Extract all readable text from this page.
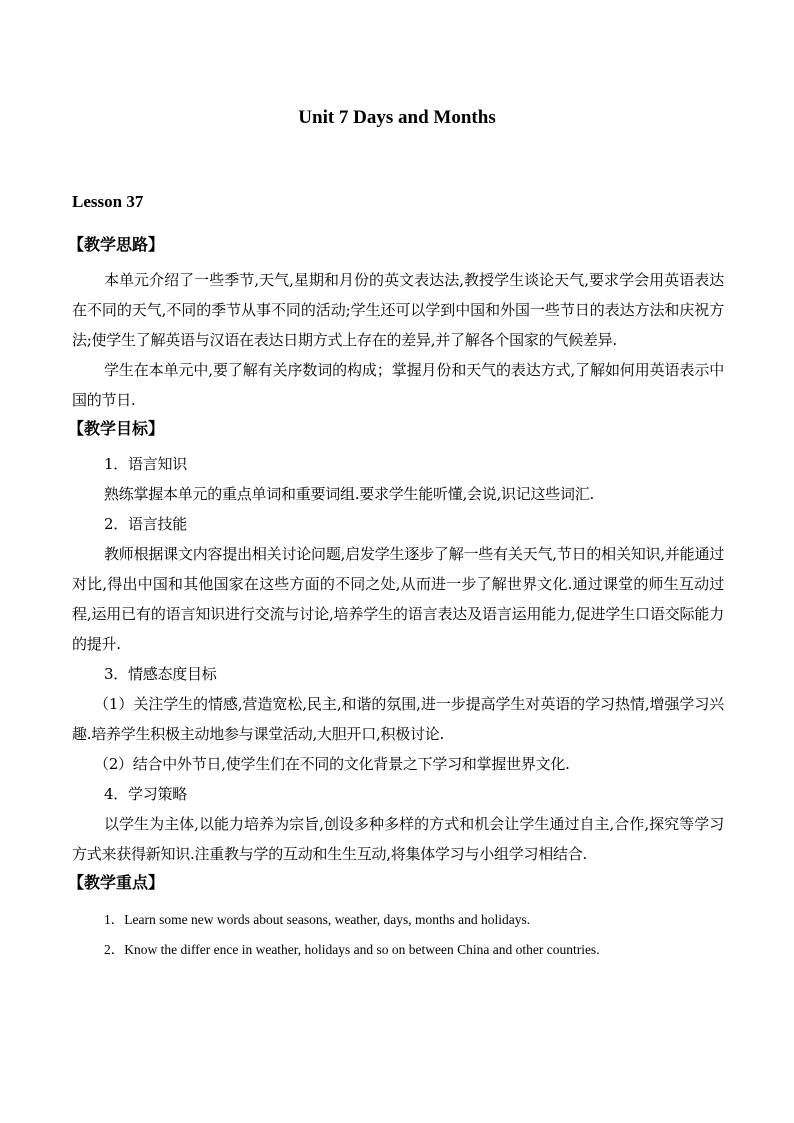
Unit 7 Days and Months
Lesson 37
【教学思路】
本单元介绍了一些季节,天气,星期和月份的英文表达法,教授学生谈论天气,要求学会用英语表达在不同的天气,不同的季节从事不同的活动;学生还可以学到中国和外国一些节日的表达方法和庆祝方法;使学生了解英语与汉语在表达日期方式上存在的差异,并了解各个国家的气候差异.
学生在本单元中,要了解有关序数词的构成；掌握月份和天气的表达方式,了解如何用英语表示中国的节日.
【教学目标】
1．语言知识
熟练掌握本单元的重点单词和重要词组.要求学生能听懂,会说,识记这些词汇.
2．语言技能
教师根据课文内容提出相关讨论问题,启发学生逐步了解一些有关天气,节日的相关知识,并能通过对比,得出中国和其他国家在这些方面的不同之处,从而进一步了解世界文化.通过课堂的师生互动过程,运用已有的语言知识进行交流与讨论,培养学生的语言表达及语言运用能力,促进学生口语交际能力的提升.
3．情感态度目标
（1）关注学生的情感,营造宽松,民主,和谐的氛围,进一步提高学生对英语的学习热情,增强学习兴趣.培养学生积极主动地参与课堂活动,大胆开口,积极讨论.
（2）结合中外节日,使学生们在不同的文化背景之下学习和掌握世界文化.
4．学习策略
以学生为主体,以能力培养为宗旨,创设多种多样的方式和机会让学生通过自主,合作,探究等学习方式来获得新知识.注重教与学的互动和生生互动,将集体学习与小组学习相结合.
【教学重点】
1．Learn some new words about seasons, weather, days, months and holidays.
2．Know the differ ence in weather, holidays and so on between China and other countries.
